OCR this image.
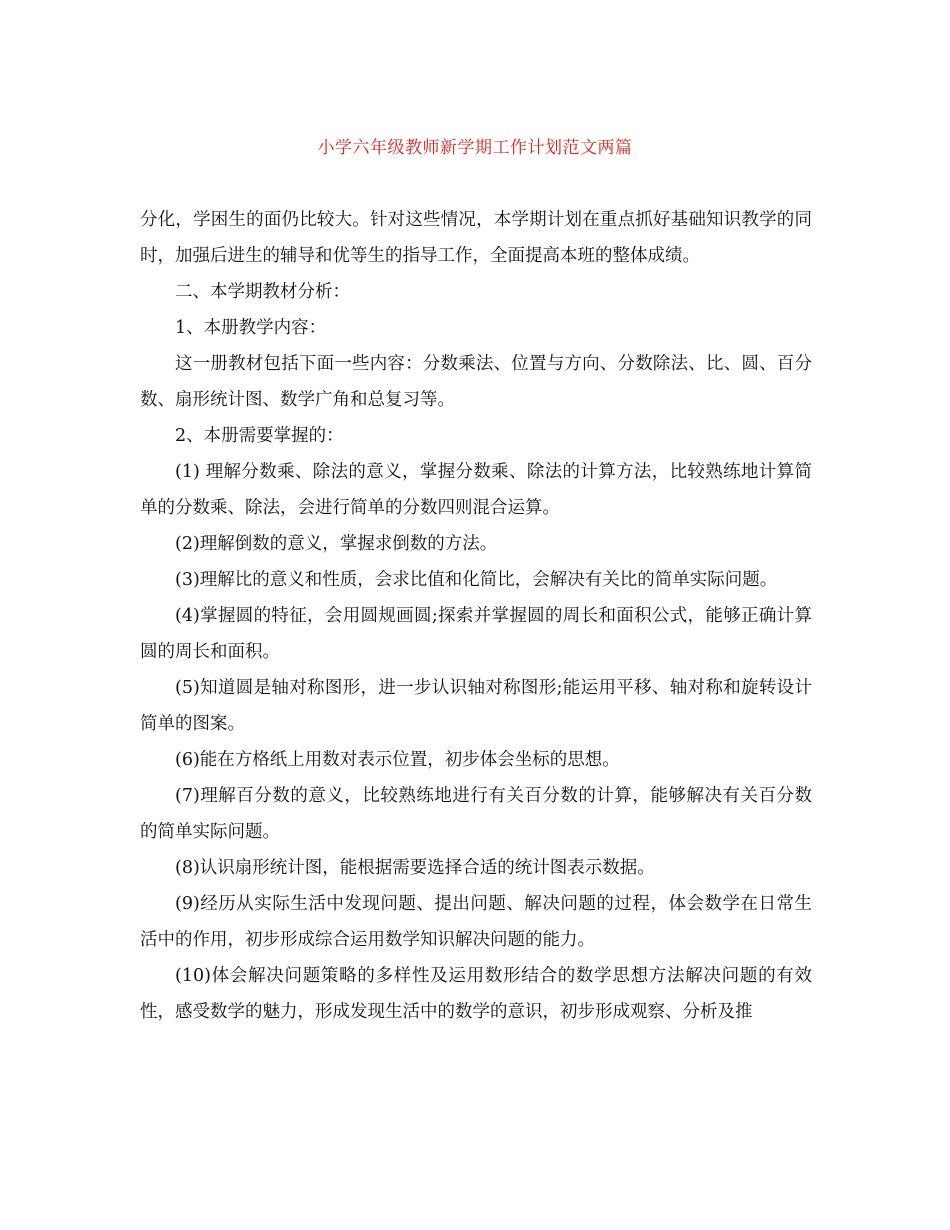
小学六年级教师新学期工作计划范文两篇

分化，学困生的面仍比较大。针对这些情况，本学期计划在重点抓好基础知识教学的同时，加强后进生的辅导和优等生的指导工作，全面提高本班的整体成绩。

二、本学期教材分析：

1、本册教学内容：

这一册教材包括下面一些内容：分数乘法、位置与方向、分数除法、比、圆、百分数、扇形统计图、数学广角和总复习等。

2、本册需要掌握的：

(1) 理解分数乘、除法的意义，掌握分数乘、除法的计算方法，比较熟练地计算简单的分数乘、除法，会进行简单的分数四则混合运算。

(2)理解倒数的意义，掌握求倒数的方法。

(3)理解比的意义和性质，会求比值和化简比，会解决有关比的简单实际问题。

(4)掌握圆的特征，会用圆规画圆;探索并掌握圆的周长和面积公式，能够正确计算圆的周长和面积。

(5)知道圆是轴对称图形，进一步认识轴对称图形;能运用平移、轴对称和旋转设计简单的图案。

(6)能在方格纸上用数对表示位置，初步体会坐标的思想。

(7)理解百分数的意义，比较熟练地进行有关百分数的计算，能够解决有关百分数的简单实际问题。

(8)认识扇形统计图，能根据需要选择合适的统计图表示数据。

(9)经历从实际生活中发现问题、提出问题、解决问题的过程，体会数学在日常生活中的作用，初步形成综合运用数学知识解决问题的能力。

(10)体会解决问题策略的多样性及运用数形结合的数学思想方法解决问题的有效性，感受数学的魅力，形成发现生活中的数学的意识，初步形成观察、分析及推
